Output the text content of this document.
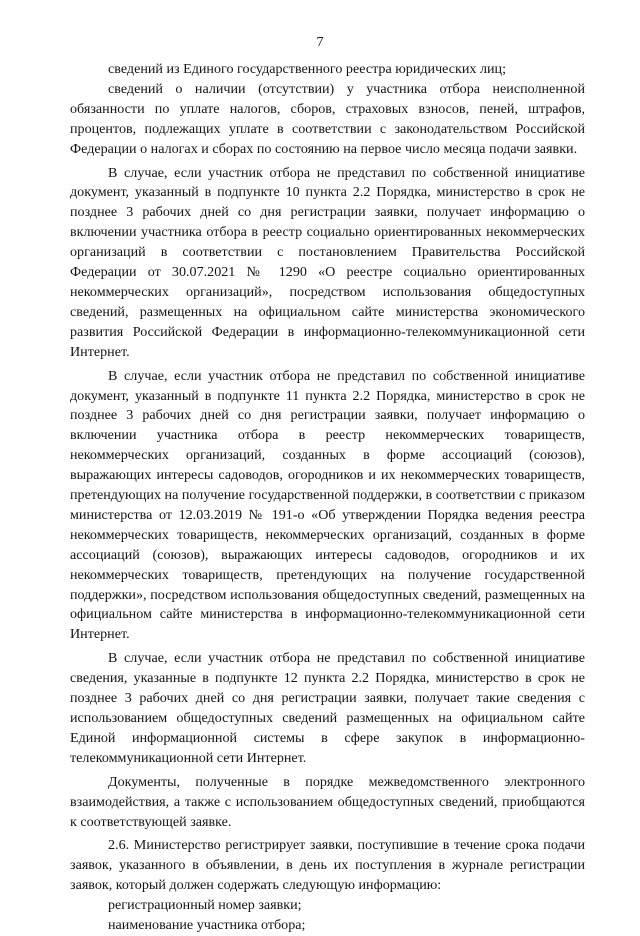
7

сведений из Единого государственного реестра юридических лиц;

сведений о наличии (отсутствии) у участника отбора неисполненной обязанности по уплате налогов, сборов, страховых взносов, пеней, штрафов, процентов, подлежащих уплате в соответствии с законодательством Российской Федерации о налогах и сборах по состоянию на первое число месяца подачи заявки.

В случае, если участник отбора не представил по собственной инициативе документ, указанный в подпункте 10 пункта 2.2 Порядка, министерство в срок не позднее 3 рабочих дней со дня регистрации заявки, получает информацию о включении участника отбора в реестр социально ориентированных некоммерческих организаций в соответствии с постановлением Правительства Российской Федерации от 30.07.2021 № 1290 «О реестре социально ориентированных некоммерческих организаций», посредством использования общедоступных сведений, размещенных на официальном сайте министерства экономического развития Российской Федерации в информационно-телекоммуникационной сети Интернет.

В случае, если участник отбора не представил по собственной инициативе документ, указанный в подпункте 11 пункта 2.2 Порядка, министерство в срок не позднее 3 рабочих дней со дня регистрации заявки, получает информацию о включении участника отбора в реестр некоммерческих товариществ, некоммерческих организаций, созданных в форме ассоциаций (союзов), выражающих интересы садоводов, огородников и их некоммерческих товариществ, претендующих на получение государственной поддержки, в соответствии с приказом министерства от 12.03.2019 № 191-о «Об утверждении Порядка ведения реестра некоммерческих товариществ, некоммерческих организаций, созданных в форме ассоциаций (союзов), выражающих интересы садоводов, огородников и их некоммерческих товариществ, претендующих на получение государственной поддержки», посредством использования общедоступных сведений, размещенных на официальном сайте министерства в информационно-телекоммуникационной сети Интернет.

В случае, если участник отбора не представил по собственной инициативе сведения, указанные в подпункте 12 пункта 2.2 Порядка, министерство в срок не позднее 3 рабочих дней со дня регистрации заявки, получает такие сведения с использованием общедоступных сведений размещенных на официальном сайте Единой информационной системы в сфере закупок в информационно-телекоммуникационной сети Интернет.

Документы, полученные в порядке межведомственного электронного взаимодействия, а также с использованием общедоступных сведений, приобщаются к соответствующей заявке.

2.6. Министерство регистрирует заявки, поступившие в течение срока подачи заявок, указанного в объявлении, в день их поступления в журнале регистрации заявок, который должен содержать следующую информацию:

регистрационный номер заявки;

наименование участника отбора;
